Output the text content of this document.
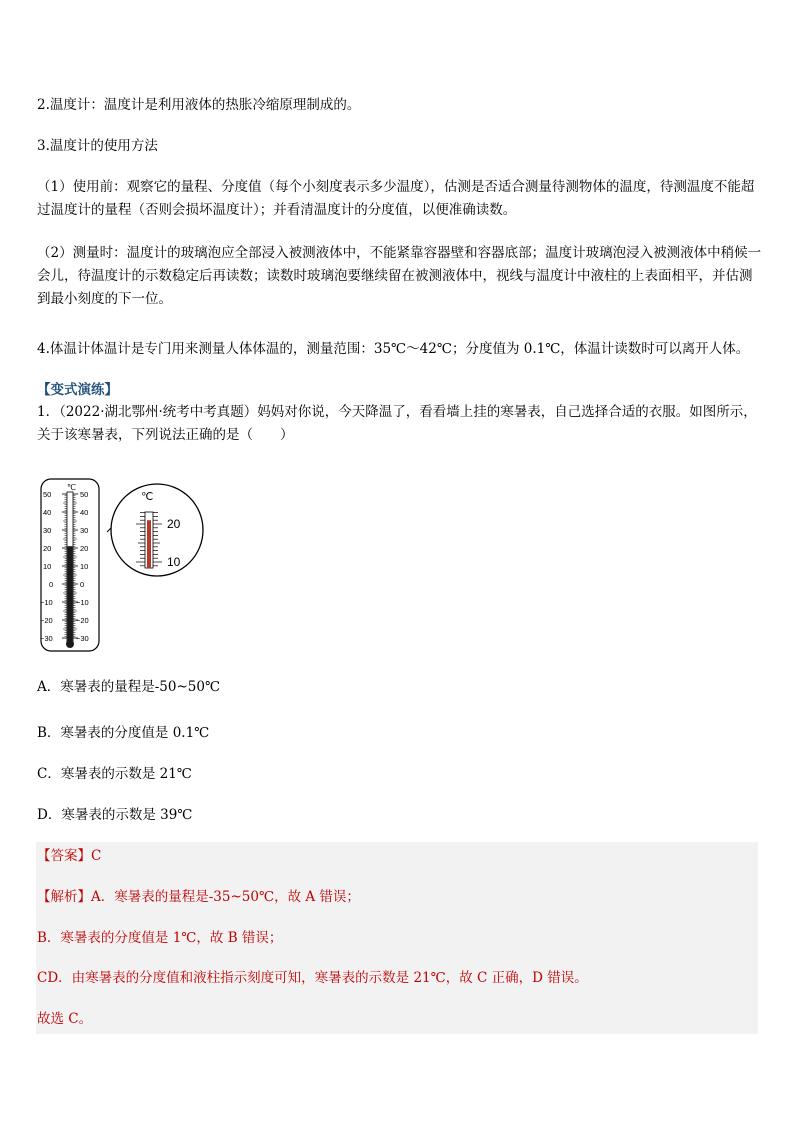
2.温度计：温度计是利用液体的热胀冷缩原理制成的。

3.温度计的使用方法

（1）使用前：观察它的量程、分度值（每个小刻度表示多少温度），估测是否适合测量待测物体的温度，待测温度不能超过温度计的量程（否则会损坏温度计）；并看清温度计的分度值，以便准确读数。

（2）测量时：温度计的玻璃泡应全部浸入被测液体中，不能紧靠容器壁和容器底部；温度计玻璃泡浸入被测液体中稍候一会儿，待温度计的示数稳定后再读数；读数时玻璃泡要继续留在被测液体中，视线与温度计中液柱的上表面相平，并估测到最小刻度的下一位。

4.体温计体温计是专门用来测量人体体温的，测量范围：35℃～42℃；分度值为 0.1℃，体温计读数时可以离开人体。

【变式演练】

1．（2022·湖北鄂州·统考中考真题）妈妈对你说，今天降温了，看看墙上挂的寒暑表，自己选择合适的衣服。如图所示，关于该寒暑表，下列说法正确的是（　　）

℃
50
40
30
20
10
0
−10
−20
−30
50
40
30
20
10
0
−10
−20
−30
℃
20
10

A．寒暑表的量程是-50~50℃

B．寒暑表的分度值是 0.1℃

C．寒暑表的示数是 21℃

D．寒暑表的示数是 39℃

【答案】C

【解析】A．寒暑表的量程是-35~50℃，故 A 错误；

B．寒暑表的分度值是 1℃，故 B 错误；

CD．由寒暑表的分度值和液柱指示刻度可知，寒暑表的示数是 21℃，故 C 正确，D 错误。

故选 C。
